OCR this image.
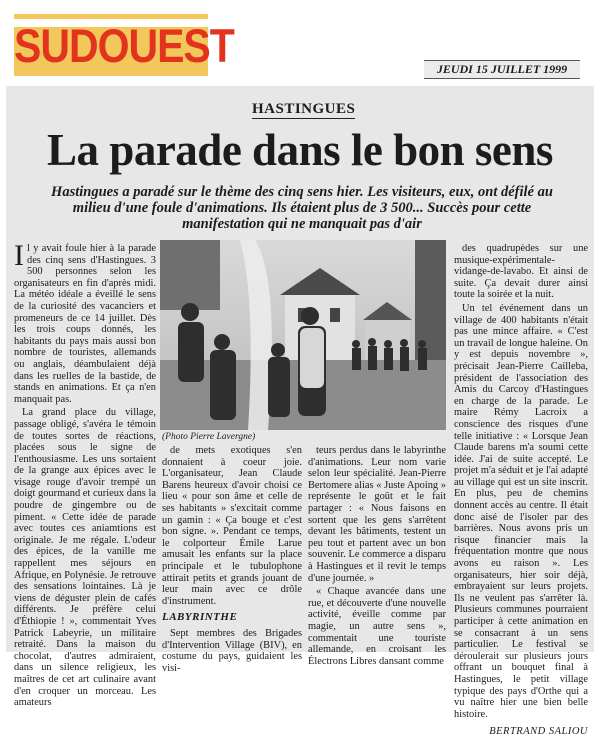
SUDOUEST	JEUDI 15 JUILLET 1999
HASTINGUES
La parade dans le bon sens
Hastingues a paradé sur le thème des cinq sens hier. Les visiteurs, eux, ont défilé au milieu d'une foule d'animations. Ils étaient plus de 3 500... Succès pour cette manifestation qui ne manquait pas d'air

Il y avait foule hier à la parade des cinq sens d'Hastingues. 3 500 personnes selon les organisateurs en fin d'après midi. La météo idéale a éveillé le sens de la curiosité des vacanciers et promeneurs de ce 14 juillet. Dès les trois coups donnés, les habitants du pays mais aussi bon nombre de touristes, allemands ou anglais, déambulaient déjà dans les ruelles de la bastide, de stands en animations. Et ça n'en manquait pas.

La grand place du village, passage obligé, s'avéra le témoin de toutes sortes de réactions, placées sous le signe de l'enthousiasme. Les uns sortaient de la grange aux épices avec le visage rouge d'avoir trempé un doigt gourmand et curieux dans la poudre de gingembre ou de piment. « Cette idée de parade avec toutes ces aniamtions est originale. Je me régale. L'odeur des épices, de la vanille me rappellent mes séjours en Afrique, en Polynésie. Je retrouve des sensations lointaines. Là je viens de déguster plein de cafés différents. Je préfère celui d'Éthiopie ! », commentait Yves Patrick Labeyrie, un militaire retraité. Dans la maison du chocolat, d'autres admiraient, dans un silence religieux, les maîtres de cet art culinaire avant d'en croquer un morceau. Les amateurs

(Photo Pierre Lavergne)

de mets exotiques s'en donnaient à coeur joie. L'organisateur, Jean Claude Barens heureux d'avoir choisi ce lieu « pour son âme et celle de ses habitants » s'excitait comme un gamin : « Ça bouge et c'est bon signe. ». Pendant ce temps, le colporteur Émile Larue amusait les enfants sur la place principale et le tubulophone attirait petits et grands jouant de leur main avec ce drôle d'instrument.

LABYRINTHE

Sept membres des Brigades d'Intervention Village (BIV), en costume du pays, guidaient les visi-

teurs perdus dans le labyrinthe d'animations. Leur nom varie selon leur spécialité. Jean-Pierre Bertomere alias « Juste Apoing » représente le goût et le fait partager : « Nous faisons en sortent que les gens s'arrêtent devant les bâtiments, testent un peu tout et partent avec un bon souvenir. Le commerce a disparu à Hastingues et il revit le temps d'une journée. »

« Chaque avancée dans une rue, et découverte d'une nouvelle activité, éveille comme par magie, un autre sens », commentait une touriste allemande, en croisant les Électrons Libres dansant comme

des quadrupèdes sur une musique-expérimentale-vidange-de-lavabo. Et ainsi de suite. Ça devait durer ainsi toute la soirée et la nuit.

Un tel événement dans un village de 400 habitants n'était pas une mince affaire. « C'est un travail de longue haleine. On y est depuis novembre », précisait Jean-Pierre Cailleba, président de l'association des Amis du Carcoy d'Hastingues en charge de la parade. Le maire Rémy Lacroix a conscience des risques d'une telle initiative : « Lorsque Jean Claude barens m'a soumi cette idée. J'ai de suite accepté. Le projet m'a séduit et je l'ai adapté au village qui est un site inscrit. En plus, peu de chemins donnent accès au centre. Il était donc aisé de l'isoler par des barrières. Nous avons pris un risque financier mais la fréquentation montre que nous avons eu raison ». Les organisateurs, hier soir déjà, embrayaient sur leurs projets. Ils ne veulent pas s'arrêter là. Plusieurs communes pourraient participer à cette animation en se consacrant à un sens particulier. Le festival se déroulerait sur plusieurs jours offrant un bouquet final à Hastingues, le petit village typique des pays d'Orthe qui a vu naître hier une bien belle histoire.

BERTRAND SALIOU
